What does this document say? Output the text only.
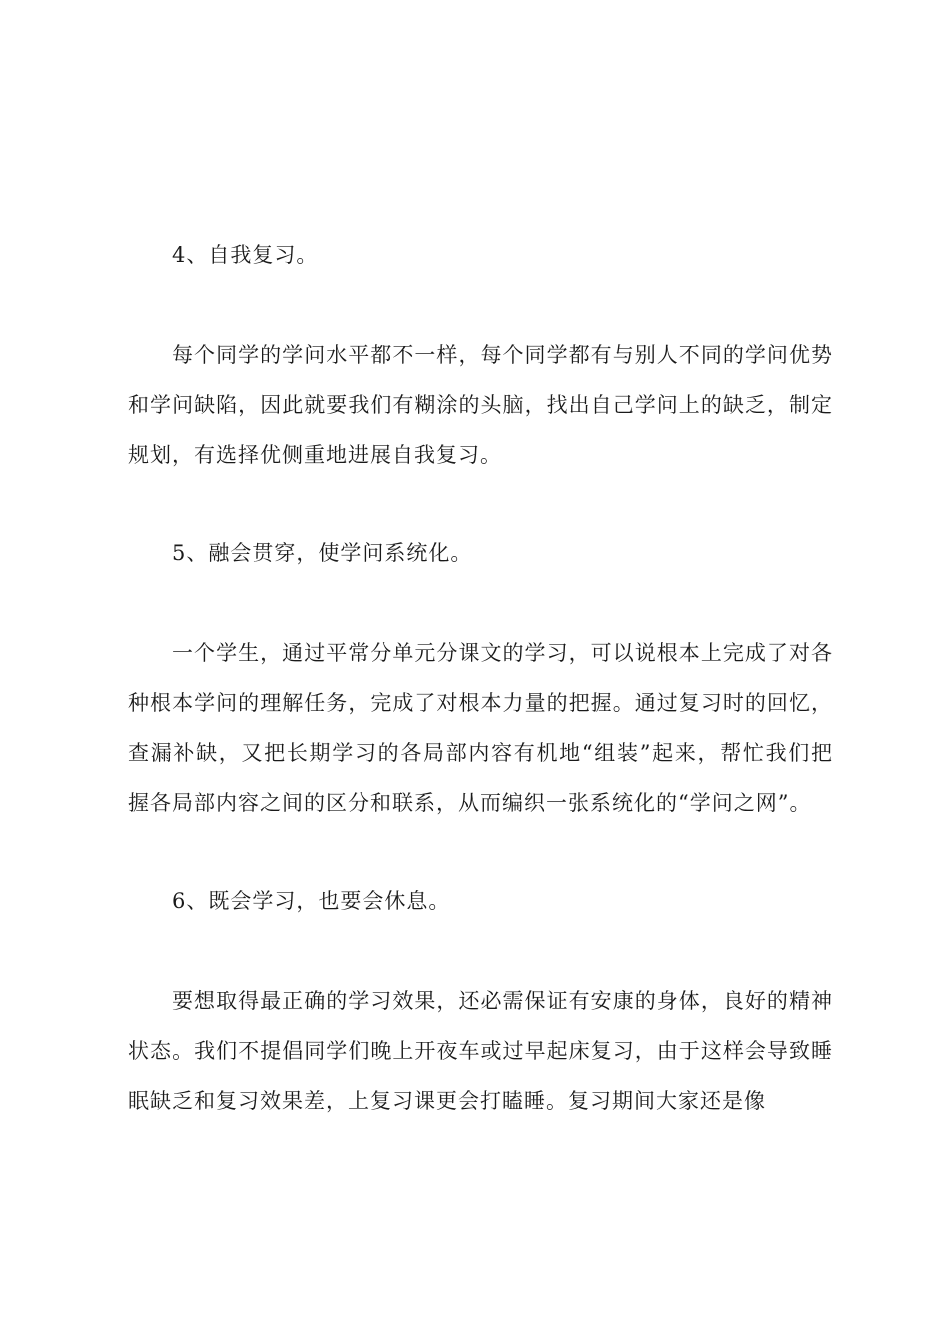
4、自我复习。

每个同学的学问水平都不一样，每个同学都有与别人不同的学问优势和学问缺陷，因此就要我们有糊涂的头脑，找出自己学问上的缺乏，制定规划，有选择优侧重地进展自我复习。

5、融会贯穿，使学问系统化。

一个学生，通过平常分单元分课文的学习，可以说根本上完成了对各种根本学问的理解任务，完成了对根本力量的把握。通过复习时的回忆，查漏补缺，又把长期学习的各局部内容有机地“组装”起来，帮忙我们把握各局部内容之间的区分和联系，从而编织一张系统化的“学问之网”。

6、既会学习，也要会休息。

要想取得最正确的学习效果，还必需保证有安康的身体，良好的精神状态。我们不提倡同学们晚上开夜车或过早起床复习，由于这样会导致睡眠缺乏和复习效果差，上复习课更会打瞌睡。复习期间大家还是像
